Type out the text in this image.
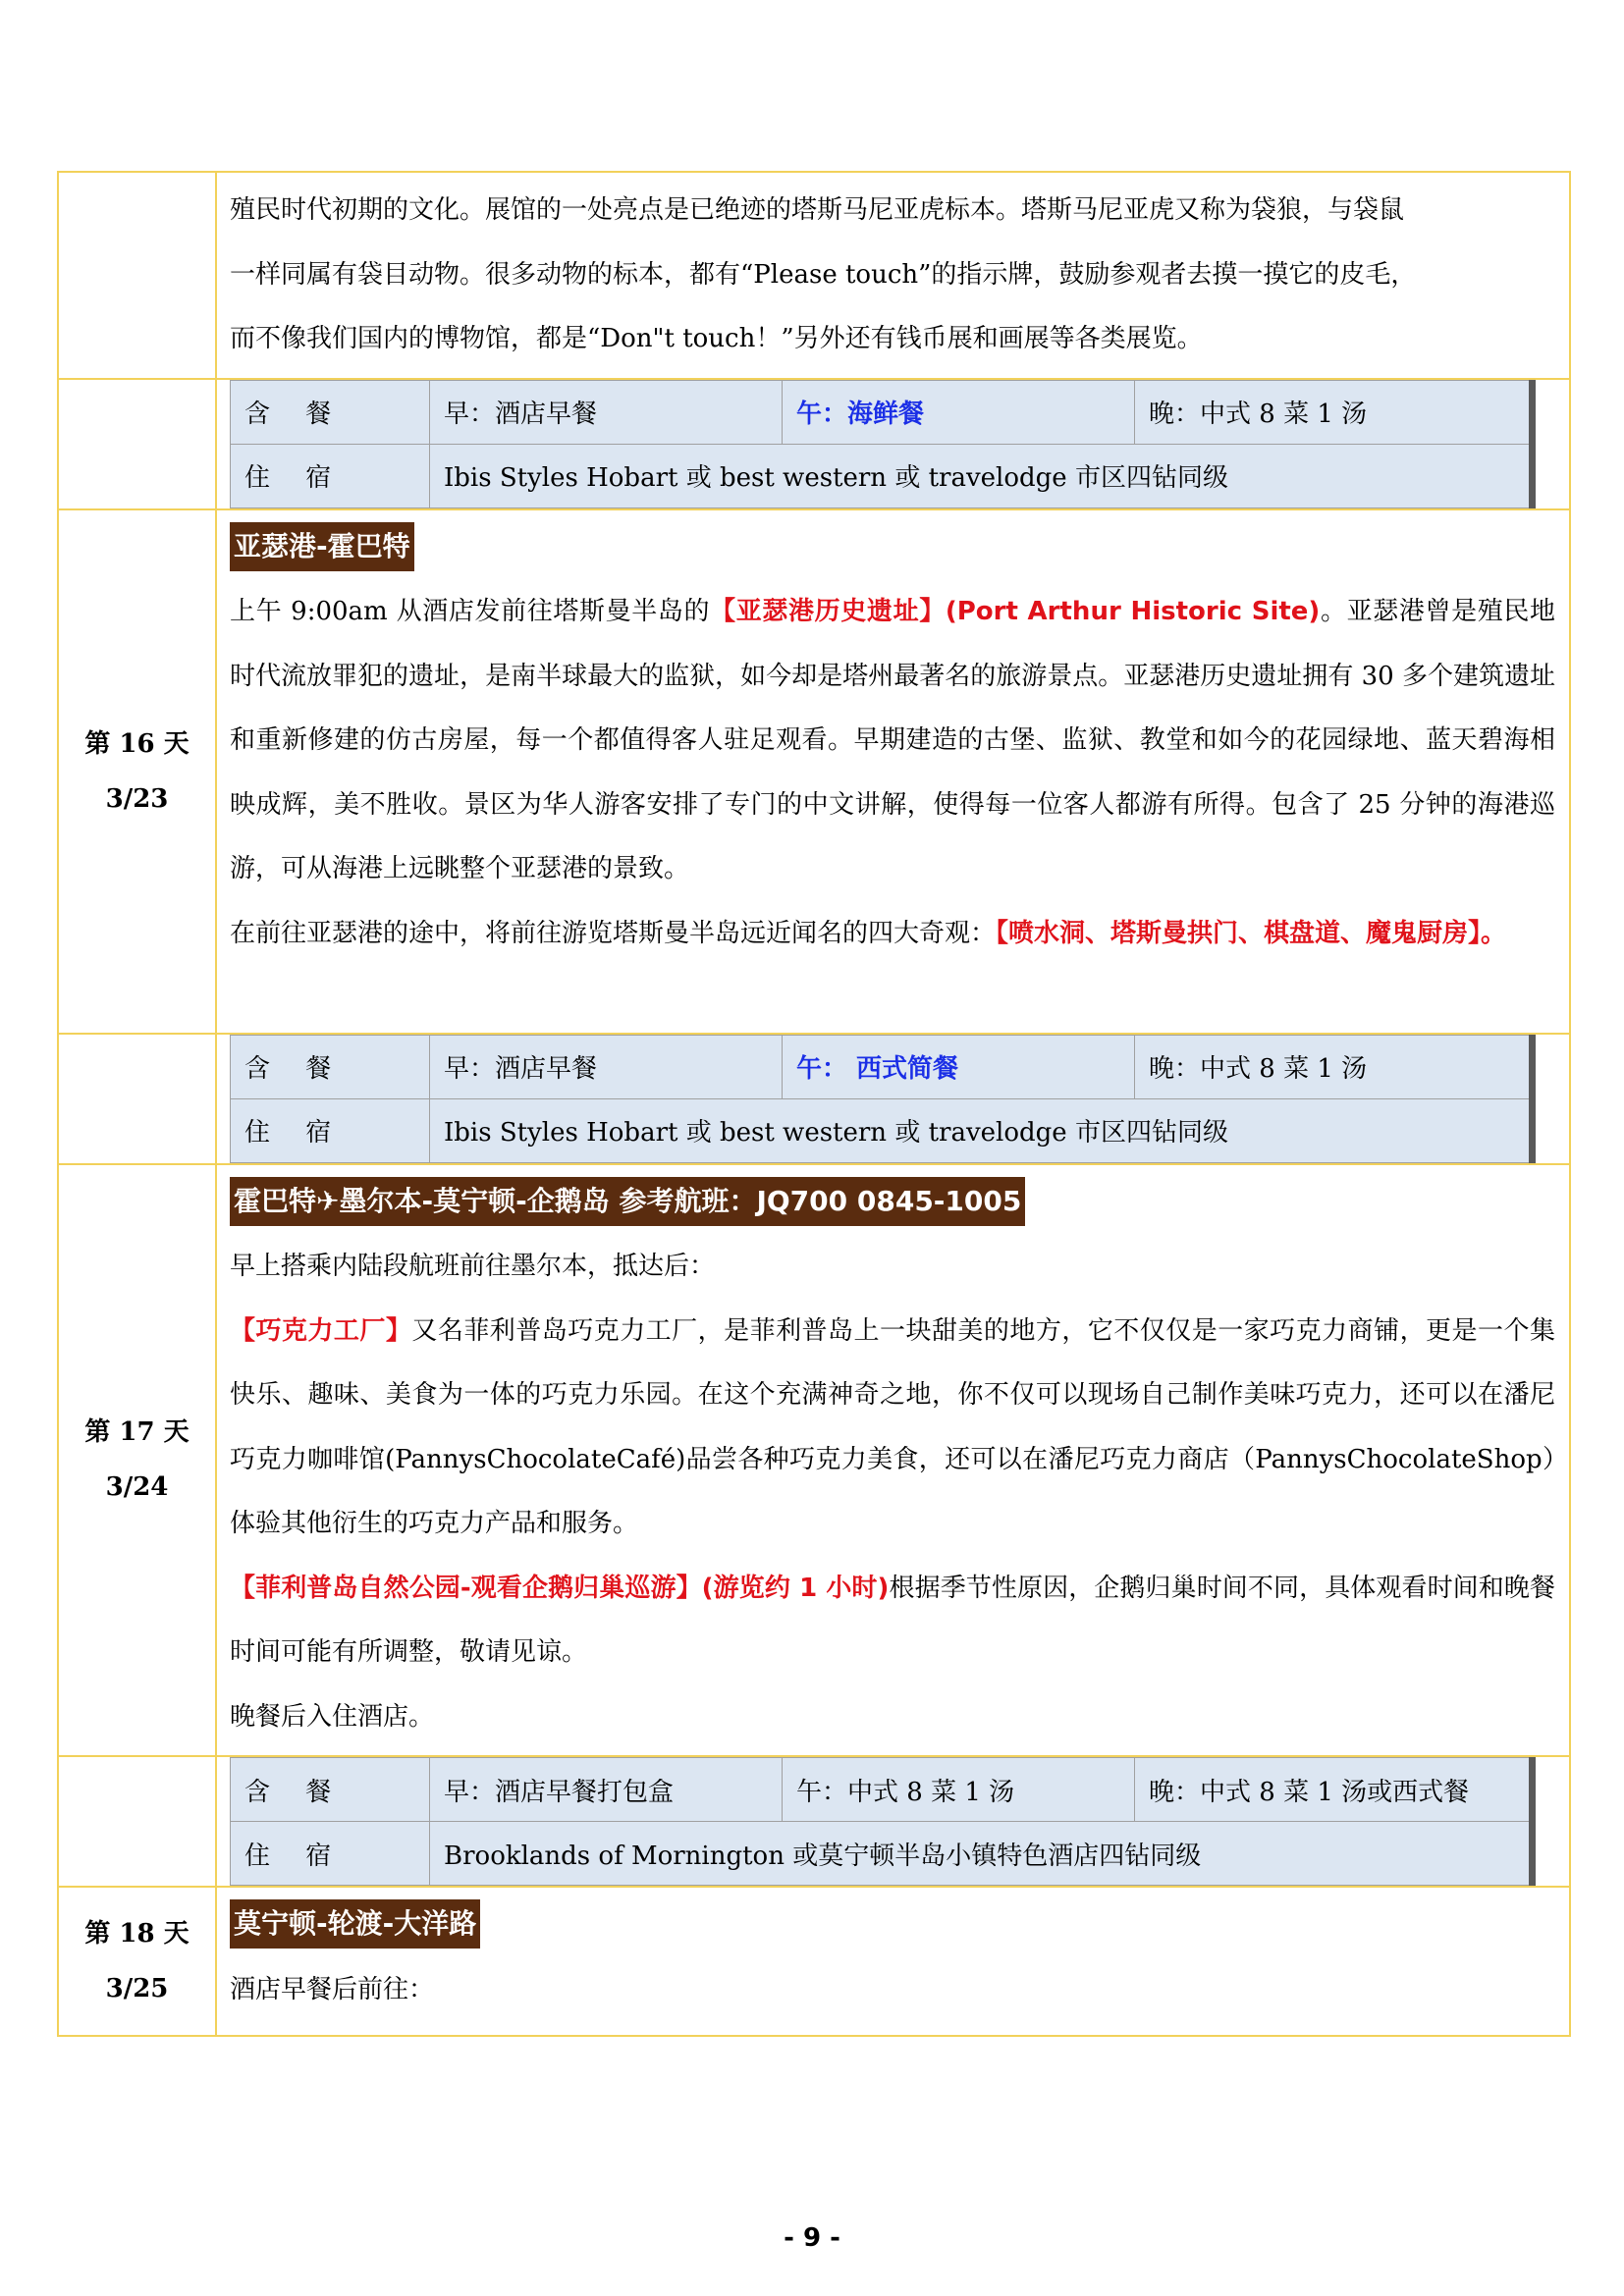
殖民时代初期的文化。展馆的一处亮点是已绝迹的塔斯马尼亚虎标本。塔斯马尼亚虎又称为袋狼，与袋鼠

一样同属有袋目动物。很多动物的标本，都有“Please touch”的指示牌，鼓励参观者去摸一摸它的皮毛，

而不像我们国内的博物馆，都是“Don"t touch！”另外还有钱币展和画展等各类展览。

含 餐	早：酒店早餐	午：海鲜餐	晚：中式 8 菜 1 汤
住 宿	Ibis Styles Hobart 或 best western 或 travelodge 市区四钻同级

第 16 天
3/23
	亚瑟港-霍巴特

上午 9:00am 从酒店发前往塔斯曼半岛的【亚瑟港历史遗址】(Port Arthur Historic Site)。亚瑟港曾是殖民地时代流放罪犯的遗址，是南半球最大的监狱，如今却是塔州最著名的旅游景点。亚瑟港历史遗址拥有 30 多个建筑遗址和重新修建的仿古房屋，每一个都值得客人驻足观看。早期建造的古堡、监狱、教堂和如今的花园绿地、蓝天碧海相映成辉，美不胜收。景区为华人游客安排了专门的中文讲解，使得每一位客人都游有所得。包含了 25 分钟的海港巡游，可从海港上远眺整个亚瑟港的景致。

在前往亚瑟港的途中，将前往游览塔斯曼半岛远近闻名的四大奇观：【喷水洞、塔斯曼拱门、棋盘道、魔鬼厨房】。

含 餐	早：酒店早餐	午： 西式简餐	晚：中式 8 菜 1 汤
住 宿	Ibis Styles Hobart 或 best western 或 travelodge 市区四钻同级

第 17 天
3/24
	霍巴特✈墨尔本-莫宁顿-企鹅岛 参考航班：JQ700 0845-1005

早上搭乘内陆段航班前往墨尔本，抵达后：

【巧克力工厂】又名菲利普岛巧克力工厂，是菲利普岛上一块甜美的地方，它不仅仅是一家巧克力商铺，更是一个集快乐、趣味、美食为一体的巧克力乐园。在这个充满神奇之地，你不仅可以现场自己制作美味巧克力，还可以在潘尼巧克力咖啡馆(PannysChocolateCafé)品尝各种巧克力美食，还可以在潘尼巧克力商店（PannysChocolateShop）体验其他衍生的巧克力产品和服务。

【菲利普岛自然公园-观看企鹅归巢巡游】(游览约 1 小时)根据季节性原因，企鹅归巢时间不同，具体观看时间和晚餐时间可能有所调整，敬请见谅。

晚餐后入住酒店。

含 餐	早：酒店早餐打包盒	午：中式 8 菜 1 汤	晚：中式 8 菜 1 汤或西式餐
住 宿	Brooklands of Mornington 或莫宁顿半岛小镇特色酒店四钻同级

第 18 天
3/25
	莫宁顿-轮渡-大洋路

酒店早餐后前往：

- 9 -
